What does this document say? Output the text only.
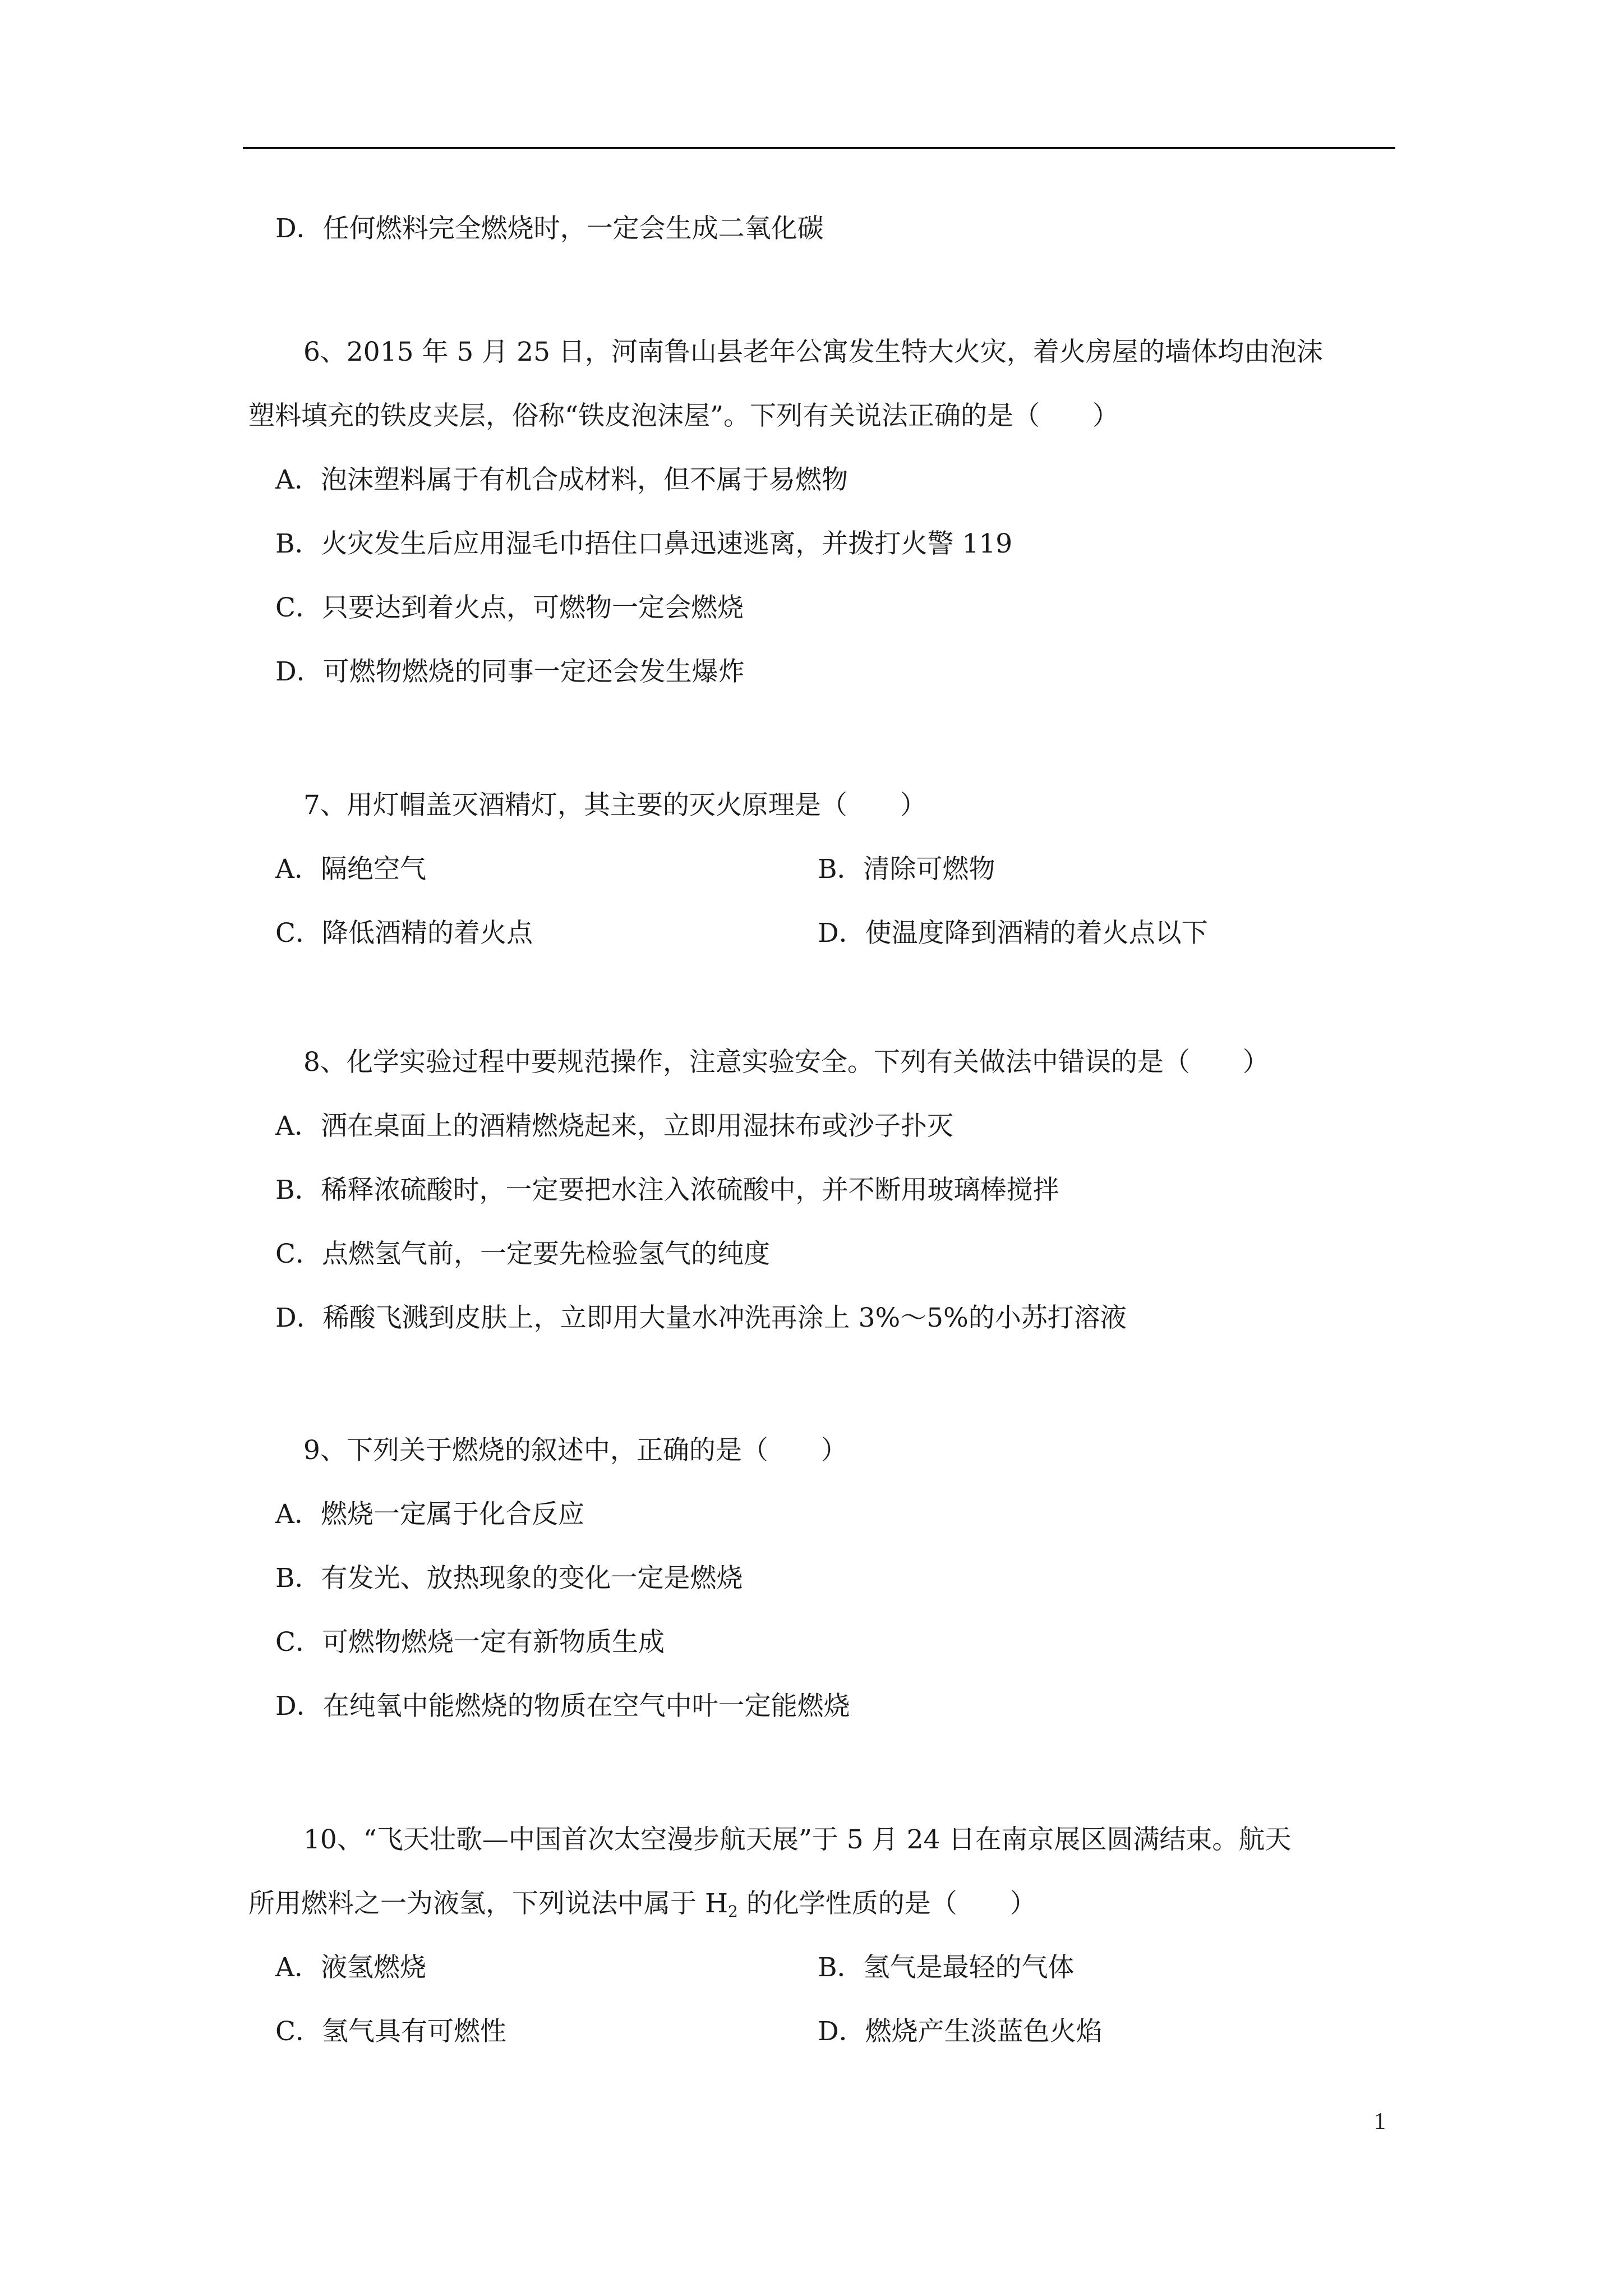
D．任何燃料完全燃烧时，一定会生成二氧化碳
6、2015 年 5 月 25 日，河南鲁山县老年公寓发生特大火灾，着火房屋的墙体均由泡沫
塑料填充的铁皮夹层，俗称“铁皮泡沫屋”。下列有关说法正确的是（　　）
A．泡沫塑料属于有机合成材料，但不属于易燃物
B．火灾发生后应用湿毛巾捂住口鼻迅速逃离，并拨打火警 119
C．只要达到着火点，可燃物一定会燃烧
D．可燃物燃烧的同事一定还会发生爆炸
7、用灯帽盖灭酒精灯，其主要的灭火原理是（　　）
A．隔绝空气	B．清除可燃物
C．降低酒精的着火点	D．使温度降到酒精的着火点以下
8、化学实验过程中要规范操作，注意实验安全。下列有关做法中错误的是（　　）
A．洒在桌面上的酒精燃烧起来，立即用湿抹布或沙子扑灭
B．稀释浓硫酸时，一定要把水注入浓硫酸中，并不断用玻璃棒搅拌
C．点燃氢气前，一定要先检验氢气的纯度
D．稀酸飞溅到皮肤上，立即用大量水冲洗再涂上 3%～5%的小苏打溶液
9、下列关于燃烧的叙述中，正确的是（　　）
A．燃烧一定属于化合反应
B．有发光、放热现象的变化一定是燃烧
C．可燃物燃烧一定有新物质生成
D．在纯氧中能燃烧的物质在空气中叶一定能燃烧
10、“飞天壮歌—中国首次太空漫步航天展”于 5 月 24 日在南京展区圆满结束。航天
所用燃料之一为液氢，下列说法中属于 $H_2$ 的化学性质的是（　　）
A．液氢燃烧	B．氢气是最轻的气体
C．氢气具有可燃性	D．燃烧产生淡蓝色火焰
1
